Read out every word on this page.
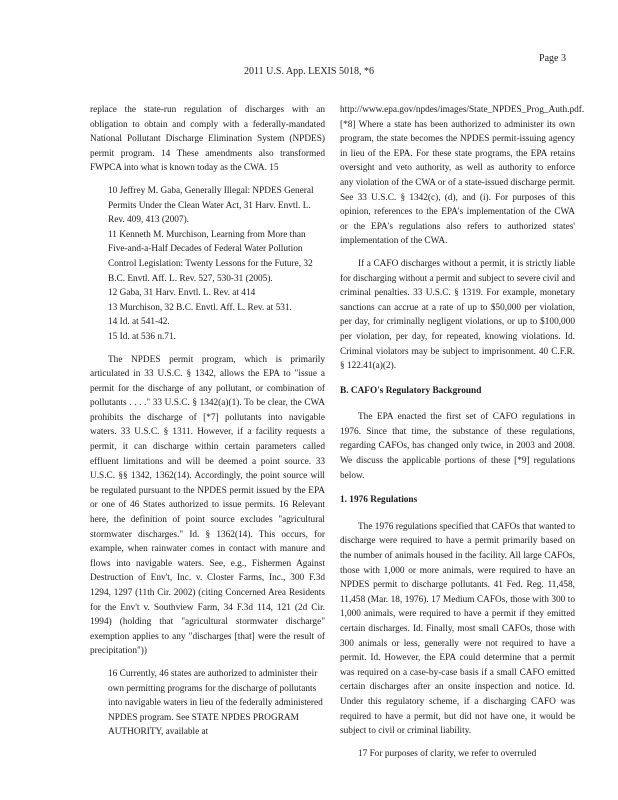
Page 3
2011 U.S. App. LEXIS 5018, *6

replace the state-run regulation of discharges with an obligation to obtain and comply with a federally-mandated National Pollutant Discharge Elimination System (NPDES) permit program. 14 These amendments also transformed FWPCA into what is known today as the CWA. 15

10 Jeffrey M. Gaba, Generally Illegal: NPDES General Permits Under the Clean Water Act, 31 Harv. Envtl. L. Rev. 409, 413 (2007).
11 Kenneth M. Murchison, Learning from More than Five-and-a-Half Decades of Federal Water Pollution Control Legislation: Twenty Lessons for the Future, 32 B.C. Envtl. Aff. L. Rev. 527, 530-31 (2005).
12 Gaba, 31 Harv. Envtl. L. Rev. at 414
13 Murchison, 32 B.C. Envtl. Aff. L. Rev. at 531.
14 Id. at 541-42.
15 Id. at 536 n.71.

The NPDES permit program, which is primarily articulated in 33 U.S.C. § 1342, allows the EPA to "issue a permit for the discharge of any pollutant, or combination of pollutants . . . ." 33 U.S.C. § 1342(a)(1). To be clear, the CWA prohibits the discharge of [*7] pollutants into navigable waters. 33 U.S.C. § 1311. However, if a facility requests a permit, it can discharge within certain parameters called effluent limitations and will be deemed a point source. 33 U.S.C. §§ 1342, 1362(14). Accordingly, the point source will be regulated pursuant to the NPDES permit issued by the EPA or one of 46 States authorized to issue permits. 16 Relevant here, the definition of point source excludes "agricultural stormwater discharges." Id. § 1362(14). This occurs, for example, when rainwater comes in contact with manure and flows into navigable waters. See, e.g., Fishermen Against Destruction of Env't, Inc. v. Closter Farms, Inc., 300 F.3d 1294, 1297 (11th Cir. 2002) (citing Concerned Area Residents for the Env't v. Southview Farm, 34 F.3d 114, 121 (2d Cir. 1994) (holding that "agricultural stormwater discharge" exemption applies to any "discharges [that] were the result of precipitation"))

16 Currently, 46 states are authorized to administer their own permitting programs for the discharge of pollutants into navigable waters in lieu of the federally administered NPDES program. See STATE NPDES PROGRAM AUTHORITY, available at

http://www.epa.gov/npdes/images/State_NPDES_Prog_Auth.pdf. [*8] Where a state has been authorized to administer its own program, the state becomes the NPDES permit-issuing agency in lieu of the EPA. For these state programs, the EPA retains oversight and veto authority, as well as authority to enforce any violation of the CWA or of a state-issued discharge permit. See 33 U.S.C. § 1342(c), (d), and (i). For purposes of this opinion, references to the EPA's implementation of the CWA or the EPA's regulations also refers to authorized states' implementation of the CWA.

If a CAFO discharges without a permit, it is strictly liable for discharging without a permit and subject to severe civil and criminal penalties. 33 U.S.C. § 1319. For example, monetary sanctions can accrue at a rate of up to $50,000 per violation, per day, for criminally negligent violations, or up to $100,000 per violation, per day, for repeated, knowing violations. Id. Criminal violators may be subject to imprisonment. 40 C.F.R. § 122.41(a)(2).

B. CAFO's Regulatory Background

The EPA enacted the first set of CAFO regulations in 1976. Since that time, the substance of these regulations, regarding CAFOs, has changed only twice, in 2003 and 2008. We discuss the applicable portions of these [*9] regulations below.

1. 1976 Regulations

The 1976 regulations specified that CAFOs that wanted to discharge were required to have a permit primarily based on the number of animals housed in the facility. All large CAFOs, those with 1,000 or more animals, were required to have an NPDES permit to discharge pollutants. 41 Fed. Reg. 11,458, 11,458 (Mar. 18, 1976). 17 Medium CAFOs, those with 300 to 1,000 animals, were required to have a permit if they emitted certain discharges. Id. Finally, most small CAFOs, those with 300 animals or less, generally were not required to have a permit. Id. However, the EPA could determine that a permit was required on a case-by-case basis if a small CAFO emitted certain discharges after an onsite inspection and notice. Id. Under this regulatory scheme, if a discharging CAFO was required to have a permit, but did not have one, it would be subject to civil or criminal liability.

17 For purposes of clarity, we refer to overruled
